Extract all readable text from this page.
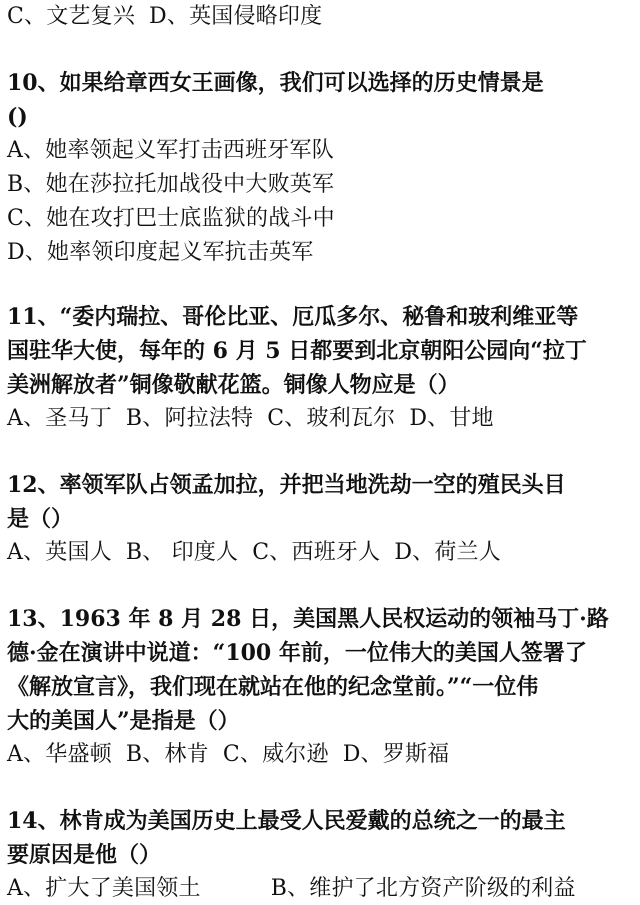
C、文艺复兴 D、英国侵略印度
10、如果给章西女王画像，我们可以选择的历史情景是
()
A、她率领起义军打击西班牙军队
B、她在莎拉托加战役中大败英军
C、她在攻打巴士底监狱的战斗中
D、她率领印度起义军抗击英军
11、“委内瑞拉、哥伦比亚、厄瓜多尔、秘鲁和玻利维亚等
国驻华大使，每年的 6 月 5 日都要到北京朝阳公园向“拉丁
美洲解放者”铜像敬献花篮。铜像人物应是（）
A、圣马丁 B、阿拉法特 C、玻利瓦尔 D、甘地
12、率领军队占领孟加拉，并把当地洗劫一空的殖民头目
是（）
A、英国人 B、 印度人 C、西班牙人 D、荷兰人
13、1963 年 8 月 28 日，美国黑人民权运动的领袖马丁·路
德·金在演讲中说道：“100 年前，一位伟大的美国人签署了
《解放宣言》，我们现在就站在他的纪念堂前。”“一位伟
大的美国人”是指是（）
A、华盛顿 B、林肯 C、威尔逊 D、罗斯福
14、林肯成为美国历史上最受人民爱戴的总统之一的最主
要原因是他（）
A、扩大了美国领土	B、维护了北方资产阶级的利益
